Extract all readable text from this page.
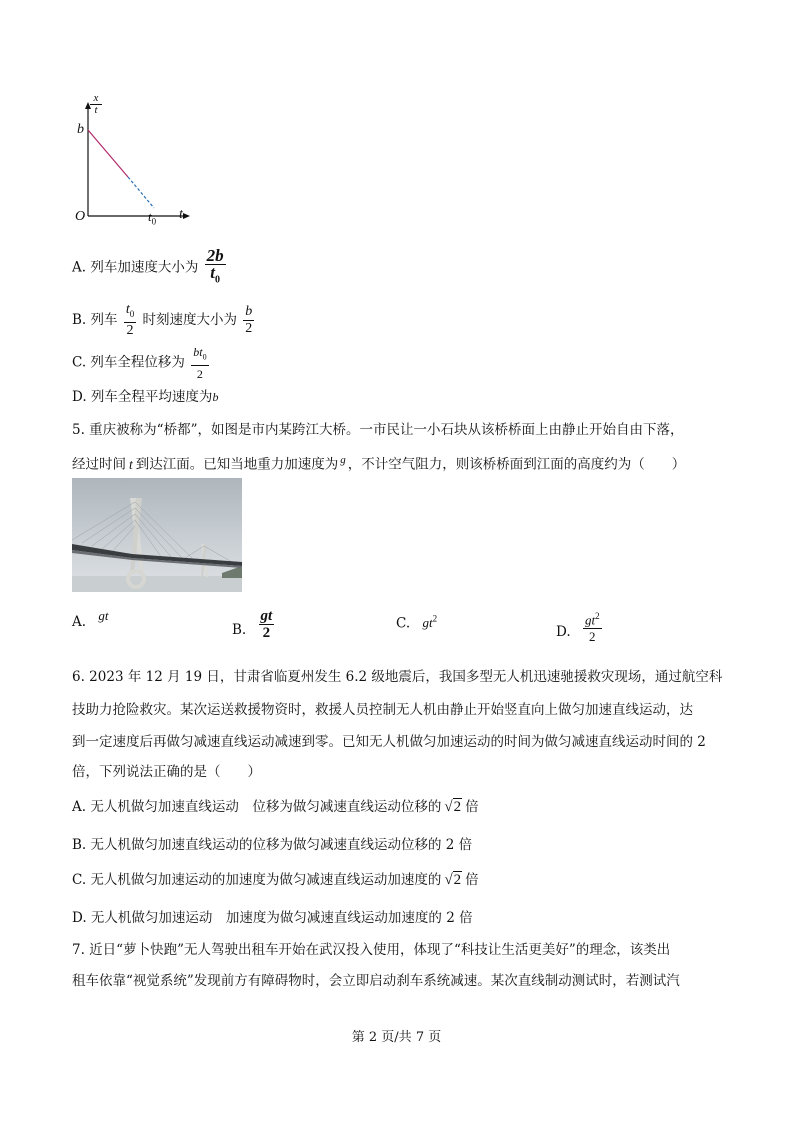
$\frac{x}{t}$
b
O	$t_0$ t
A. 列车加速度大小为 $\frac{2b}{t_0}$
B. 列车 $\frac{t_0}{2}$ 时刻速度大小为 $\frac{b}{2}$
C. 列车全程位移为 $\frac{bt_0}{2}$
D. 列车全程平均速度为b
5. 重庆被称为“桥都”，如图是市内某跨江大桥。一市民让一小石块从该桥桥面上由静止开始自由下落，
经过时间 t 到达江面。已知当地重力加速度为 $^g$ ，不计空气阻力，则该桥桥面到江面的高度约为（　　）
A. gt
B. $\frac{gt}{2}$	C. $gt^2$
D. $\frac{gt^2}{2}$
6. 2023 年 12 月 19 日，甘肃省临夏州发生 6.2 级地震后，我国多型无人机迅速驰援救灾现场，通过航空科
技助力抢险救灾。某次运送救援物资时，救援人员控制无人机由静止开始竖直向上做匀加速直线运动，达
到一定速度后再做匀减速直线运动减速到零。已知无人机做匀加速运动的时间为做匀减速直线运动时间的 2
倍，下列说法正确的是（　　）
A. 无人机做匀加速直线运动　位移为做匀减速直线运动位移的 √2 倍
B. 无人机做匀加速直线运动的位移为做匀减速直线运动位移的 2 倍
C. 无人机做匀加速运动的加速度为做匀减速直线运动加速度的 √2 倍
D. 无人机做匀加速运动　加速度为做匀减速直线运动加速度的 2 倍
7. 近日“萝卜快跑”无人驾驶出租车开始在武汉投入使用，体现了“科技让生活更美好”的理念，该类出
租车依靠“视觉系统”发现前方有障碍物时，会立即启动刹车系统减速。某次直线制动测试时，若测试汽
第 2 页/共 7 页
